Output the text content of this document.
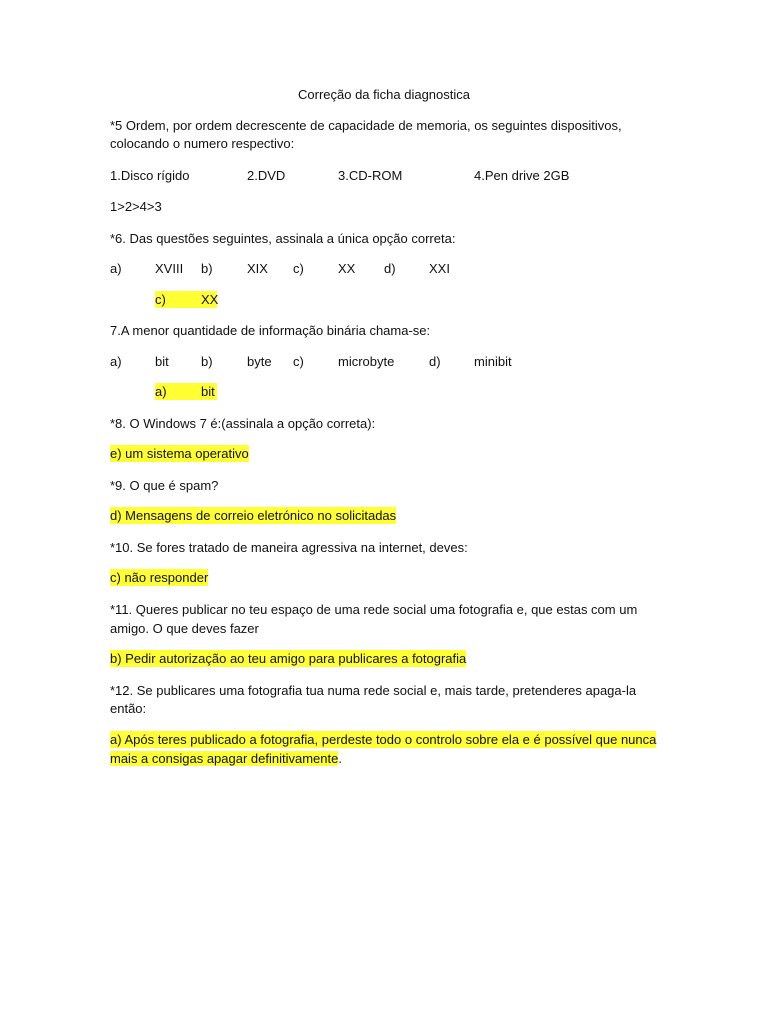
Correção da ficha diagnostica
*5 Ordem, por ordem decrescente de capacidade de memoria, os seguintes dispositivos,
colocando o numero respectivo:
1.Disco rígido	2.DVD	3.CD-ROM	4.Pen drive 2GB
1>2>4>3
*6. Das questões seguintes, assinala a única opção correta:
a)	XVIII b)	XIX c)	XX d)	XXI
c)	XX
7.A menor quantidade de informação binária chama-se:
a)	bit b)	byte c)	microbyte	d)	minibit
a)	bit
*8. O Windows 7 é:(assinala a opção correta):
e) um sistema operativo
*9. O que é spam?
d) Mensagens de correio eletrónico no solicitadas
*10. Se fores tratado de maneira agressiva na internet, deves:
c) não responder
*11. Queres publicar no teu espaço de uma rede social uma fotografia e, que estas com um
amigo. O que deves fazer
b) Pedir autorização ao teu amigo para publicares a fotografia
*12. Se publicares uma fotografia tua numa rede social e, mais tarde, pretenderes apaga-la
então:
a) Após teres publicado a fotografia, perdeste todo o controlo sobre ela e é possível que nunca
mais a consigas apagar definitivamente.
